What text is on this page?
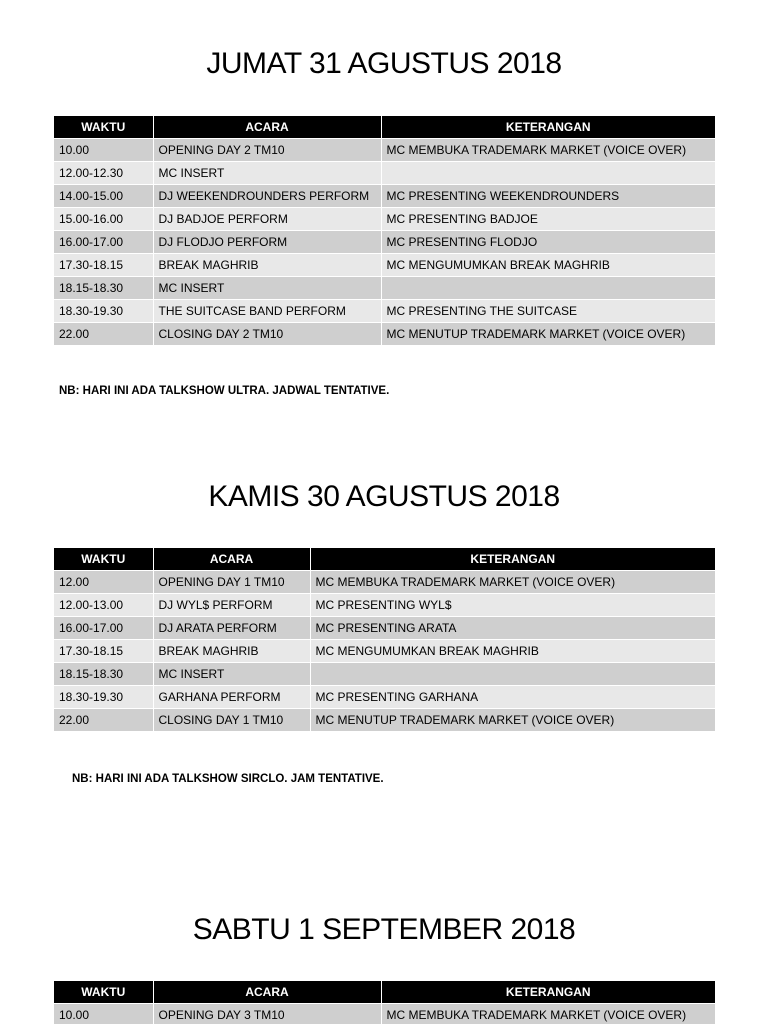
JUMAT 31 AGUSTUS 2018
WAKTU	ACARA	KETERANGAN
10.00	OPENING DAY 2 TM10	MC MEMBUKA TRADEMARK MARKET (VOICE OVER)
12.00-12.30	MC INSERT	
14.00-15.00	DJ WEEKENDROUNDERS PERFORM	MC PRESENTING WEEKENDROUNDERS
15.00-16.00	DJ BADJOE PERFORM	MC PRESENTING BADJOE
16.00-17.00	DJ FLODJO PERFORM	MC PRESENTING FLODJO
17.30-18.15	BREAK MAGHRIB	MC MENGUMUMKAN BREAK MAGHRIB
18.15-18.30	MC INSERT	
18.30-19.30	THE SUITCASE BAND PERFORM	MC PRESENTING THE SUITCASE
22.00	CLOSING DAY 2 TM10	MC MENUTUP TRADEMARK MARKET (VOICE OVER)

NB: HARI INI ADA TALKSHOW ULTRA. JADWAL TENTATIVE.

KAMIS 30 AGUSTUS 2018
WAKTU	ACARA	KETERANGAN
12.00	OPENING DAY 1 TM10	MC MEMBUKA TRADEMARK MARKET (VOICE OVER)
12.00-13.00	DJ WYL$ PERFORM	MC PRESENTING WYL$
16.00-17.00	DJ ARATA PERFORM	MC PRESENTING ARATA
17.30-18.15	BREAK MAGHRIB	MC MENGUMUMKAN BREAK MAGHRIB
18.15-18.30	MC INSERT	
18.30-19.30	GARHANA PERFORM	MC PRESENTING GARHANA
22.00	CLOSING DAY 1 TM10	MC MENUTUP TRADEMARK MARKET (VOICE OVER)

NB: HARI INI ADA TALKSHOW SIRCLO. JAM TENTATIVE.

SABTU 1 SEPTEMBER 2018
WAKTU	ACARA	KETERANGAN
10.00	OPENING DAY 3 TM10	MC MEMBUKA TRADEMARK MARKET (VOICE OVER)
